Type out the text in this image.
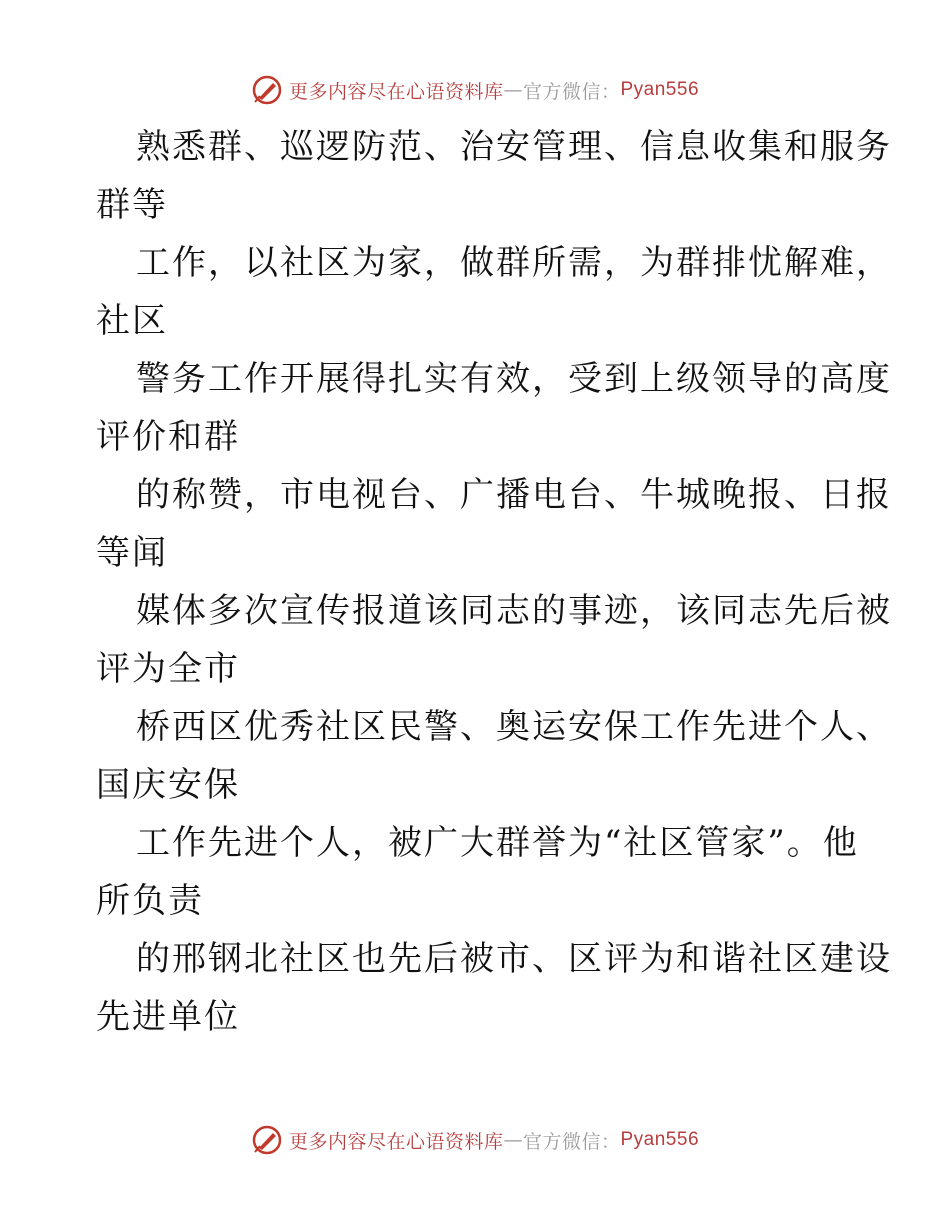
更多内容尽在心语资料库 — 官方微信： Pyan556
熟悉群、巡逻防范、治安管理、信息收集和服务
群等
工作，以社区为家，做群所需，为群排忧解难，
社区
警务工作开展得扎实有效，受到上级领导的高度
评价和群
的称赞，市电视台、广播电台、牛城晚报、日报
等闻
媒体多次宣传报道该同志的事迹，该同志先后被
评为全市
桥西区优秀社区民警、奥运安保工作先进个人、
国庆安保
工作先进个人，被广大群誉为“社区管家”。他
所负责
的邢钢北社区也先后被市、区评为和谐社区建设
先进单位
更多内容尽在心语资料库 — 官方微信： Pyan556
